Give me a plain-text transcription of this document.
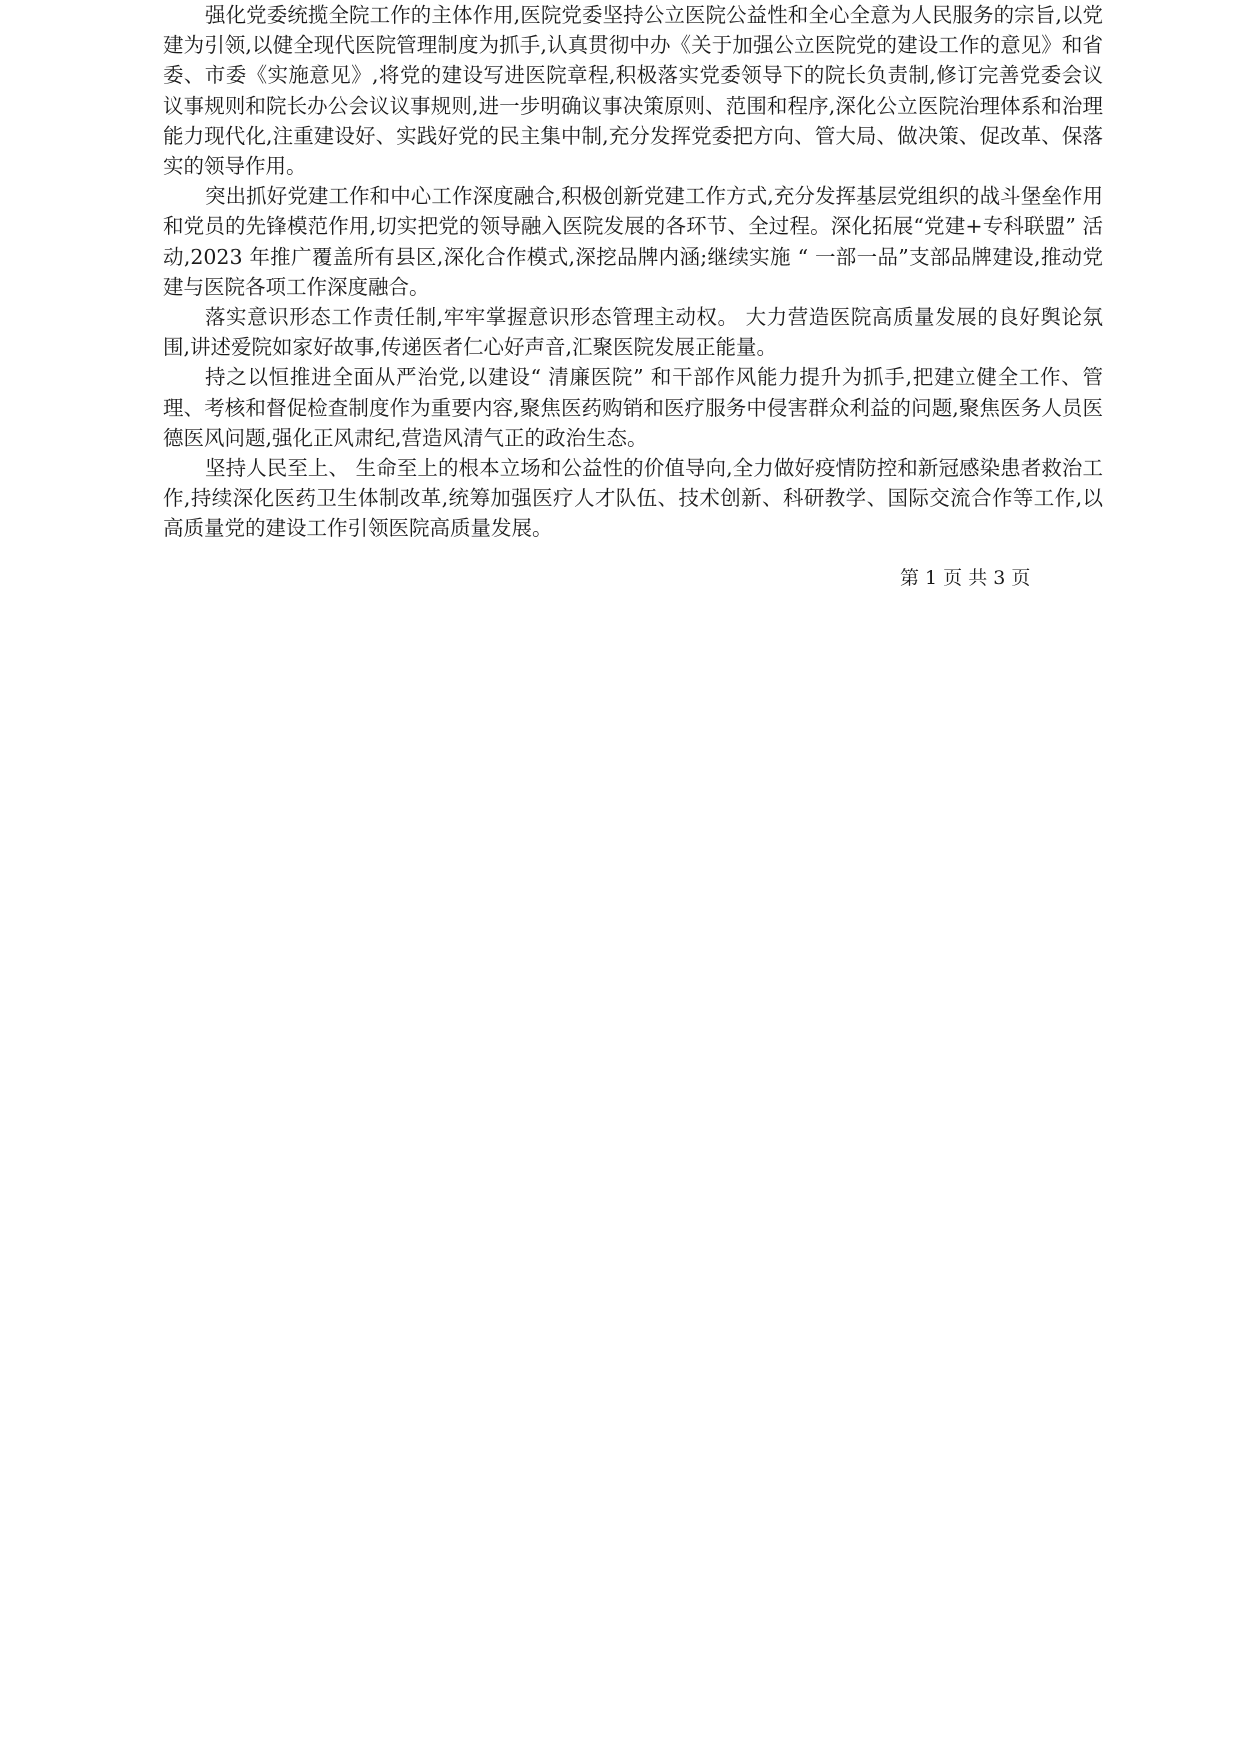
强化党委统揽全院工作的主体作用,医院党委坚持公立医院公益性和全心全意为人民服务的宗旨,以党建为引领,以健全现代医院管理制度为抓手,认真贯彻中办《关于加强公立医院党的建设工作的意见》和省委、市委《实施意见》,将党的建设写进医院章程,积极落实党委领导下的院长负责制,修订完善党委会议议事规则和院长办公会议议事规则,进一步明确议事决策原则、范围和程序,深化公立医院治理体系和治理能力现代化,注重建设好、实践好党的民主集中制,充分发挥党委把方向、管大局、做决策、促改革、保落实的领导作用。

突出抓好党建工作和中心工作深度融合,积极创新党建工作方式,充分发挥基层党组织的战斗堡垒作用和党员的先锋模范作用,切实把党的领导融入医院发展的各环节、全过程。深化拓展“党建+专科联盟” 活动,2023 年推广覆盖所有县区,深化合作模式,深挖品牌内涵;继续实施 “ 一部一品”支部品牌建设,推动党建与医院各项工作深度融合。

落实意识形态工作责任制,牢牢掌握意识形态管理主动权。 大力营造医院高质量发展的良好舆论氛围,讲述爱院如家好故事,传递医者仁心好声音,汇聚医院发展正能量。

持之以恒推进全面从严治党,以建设“ 清廉医院” 和干部作风能力提升为抓手,把建立健全工作、管理、考核和督促检查制度作为重要内容,聚焦医药购销和医疗服务中侵害群众利益的问题,聚焦医务人员医德医风问题,强化正风肃纪,营造风清气正的政治生态。

坚持人民至上、 生命至上的根本立场和公益性的价值导向,全力做好疫情防控和新冠感染患者救治工作,持续深化医药卫生体制改革,统筹加强医疗人才队伍、技术创新、科研教学、国际交流合作等工作,以高质量党的建设工作引领医院高质量发展。

第 1 页 共 3 页
